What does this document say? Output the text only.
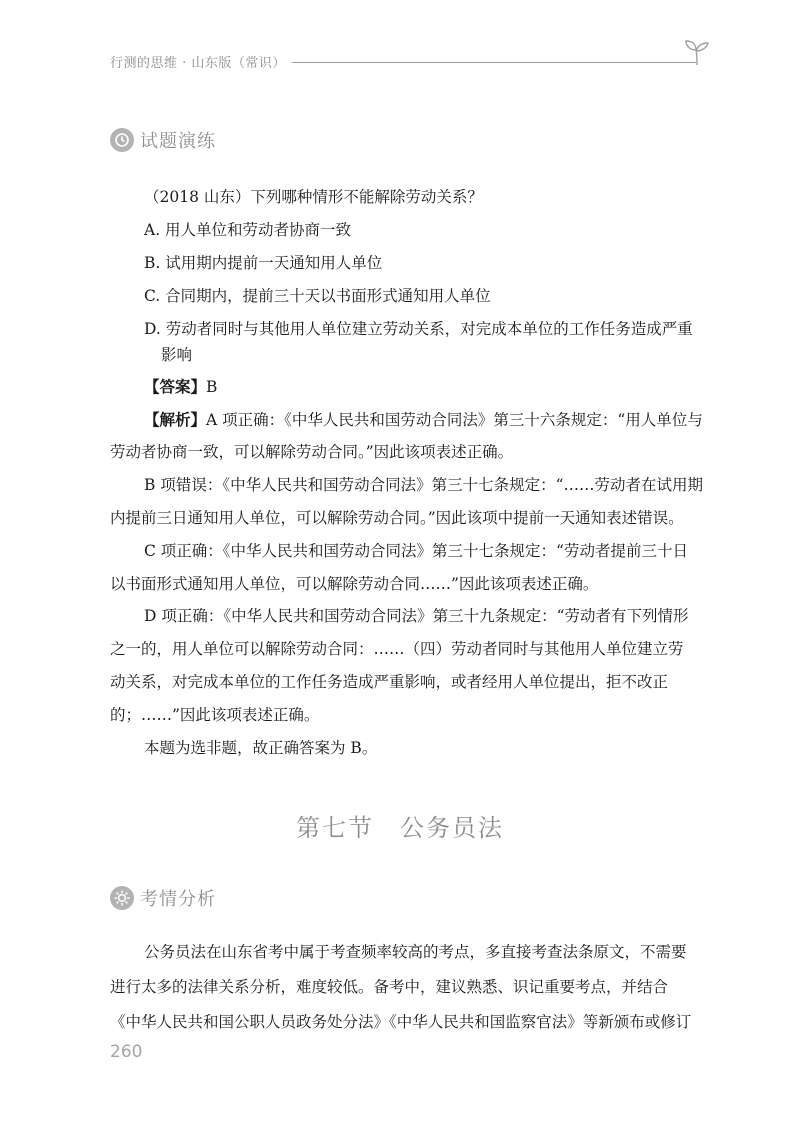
行测的思维 · 山东版（常识）
试题演练
（2018 山东）下列哪种情形不能解除劳动关系？
A. 用人单位和劳动者协商一致
B. 试用期内提前一天通知用人单位
C. 合同期内，提前三十天以书面形式通知用人单位
D. 劳动者同时与其他用人单位建立劳动关系，对完成本单位的工作任务造成严重
影响
【答案】B
【解析】A 项正确：《中华人民共和国劳动合同法》第三十六条规定：“用人单位与
劳动者协商一致，可以解除劳动合同。”因此该项表述正确。
B 项错误：《中华人民共和国劳动合同法》第三十七条规定：“……劳动者在试用期
内提前三日通知用人单位，可以解除劳动合同。”因此该项中提前一天通知表述错误。
C 项正确：《中华人民共和国劳动合同法》第三十七条规定：“劳动者提前三十日
以书面形式通知用人单位，可以解除劳动合同……”因此该项表述正确。
D 项正确：《中华人民共和国劳动合同法》第三十九条规定：“劳动者有下列情形
之一的，用人单位可以解除劳动合同：……（四）劳动者同时与其他用人单位建立劳
动关系，对完成本单位的工作任务造成严重影响，或者经用人单位提出，拒不改正
的；……”因此该项表述正确。
本题为选非题，故正确答案为 B。
第七节　公务员法
考情分析
公务员法在山东省考中属于考查频率较高的考点，多直接考查法条原文，不需要
进行太多的法律关系分析，难度较低。备考中，建议熟悉、识记重要考点，并结合
《中华人民共和国公职人员政务处分法》《中华人民共和国监察官法》等新颁布或修订
260
